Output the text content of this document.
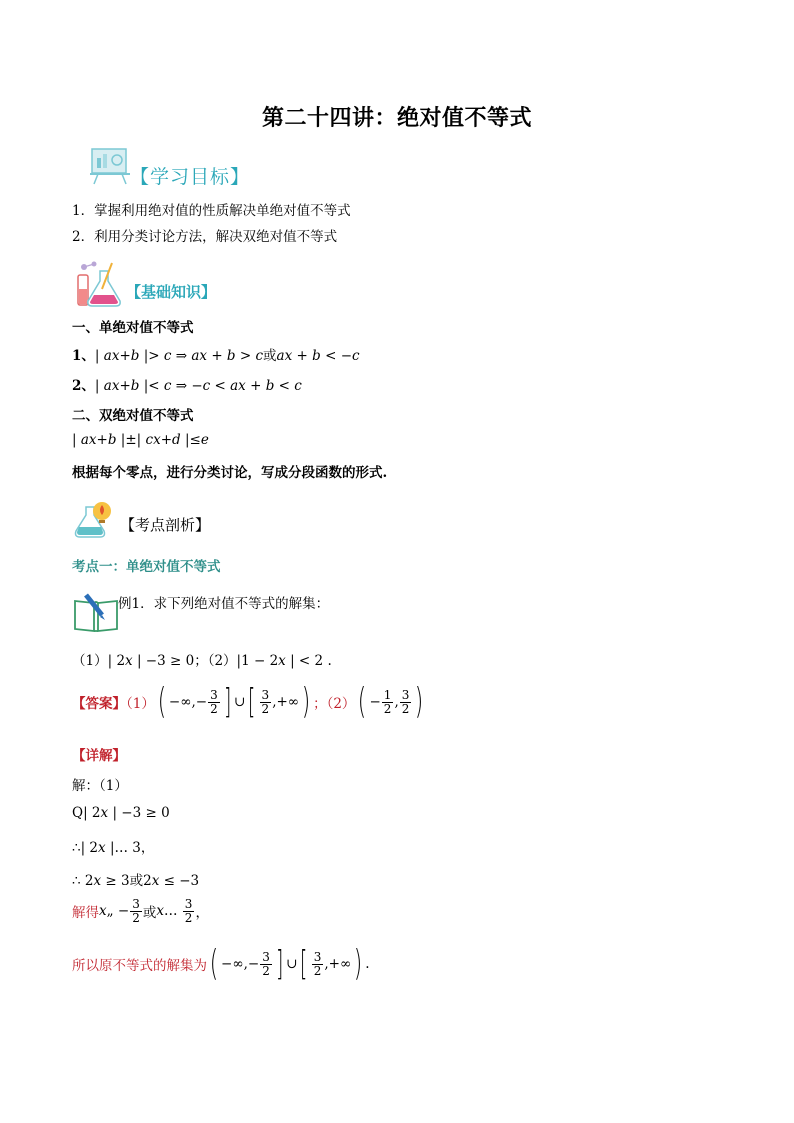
第二十四讲：绝对值不等式
【学习目标】
1．掌握利用绝对值的性质解决单绝对值不等式
2．利用分类讨论方法，解决双绝对值不等式
【基础知识】
一、单绝对值不等式
1、| ax+b |> c ⇒ ax + b > c或ax + b < −c
2、| ax+b |< c ⇒ −c < ax + b < c
二、双绝对值不等式
| ax+b |±| cx+d |≤e
根据每个零点，进行分类讨论，写成分段函数的形式.
【考点剖析】
考点一：单绝对值不等式
例1．求下列绝对值不等式的解集：
（1）| 2x | −3 ≥ 0；（2）|1 − 2x | < 2 .
【答案】（1）( −∞,− $\frac{3}{2}$ ] ∪[ $\frac{3}{2}$ ,+∞) ；$(2)( - \frac{1}{2}$ , $\frac{3}{2}$ )
【详解】
解：（1）
Q| 2x | −3 ≥ 0
∴| 2x |… 3，
∴ 2x ≥ 3或2x ≤ −3
解得x„ − $\frac{3}{2}$ 或x… $\frac{3}{2}$ ，
所以原不等式的解集为( −∞,− $\frac{3}{2}$ ] ∪[ $\frac{3}{2}$ ,+∞) .
